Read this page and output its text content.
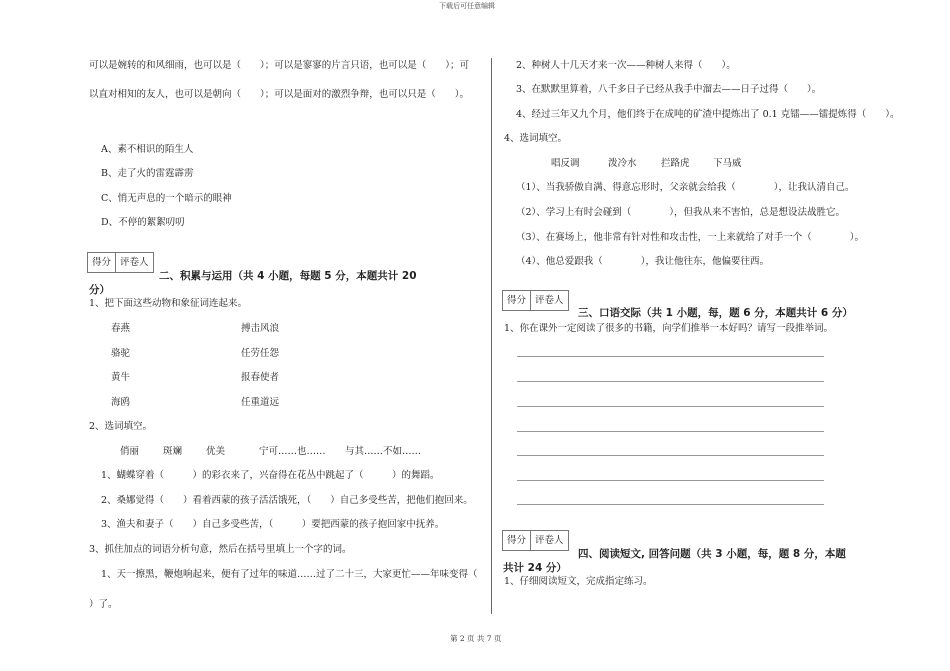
下载后可任意编辑
可以是婉转的和风细雨，也可以是（　　）；可以是寥寥的片言只语，也可以是（　　）；可
以直对相知的友人，也可以是朝向（　　）；可以是面对的激烈争辩，也可以只是（　　）。
A、素不相识的陌生人
B、走了火的雷霆霹雳
C、悄无声息的一个暗示的眼神
D、不停的絮絮叨叨
得分 评卷人
二、积累与运用（共 4 小题，每题 5 分，本题共计 20
分）
1、把下面这些动物和象征词连起来。
春燕
骆驼
黄牛
海鸥
搏击风浪
任劳任怨
报春使者
任重道远
2、选词填空。
俏丽	斑斓	优美	宁可……也…… 与其……不如……
1、蝴蝶穿着（　　　）的彩衣来了，兴奋得在花丛中跳起了（　　　）的舞蹈。
2、桑娜觉得（　　）看着西蒙的孩子活活饿死，（　　）自己多受些苦，把他们抱回来。
3、渔夫和妻子（　　）自己多受些苦，（　　　）要把西蒙的孩子抱回家中抚养。
3、抓住加点的词语分析句意，然后在括号里填上一个字的词。
1、天一擦黑，鞭炮响起来，便有了过年的味道……过了二十三，大家更忙——年味变得（
）了。
2、种树人十几天才来一次——种树人来得（　　）。
3、在默默里算着，八千多日子已经从我手中溜去——日子过得（　　）。
4、经过三年又九个月，他们终于在成吨的矿渣中提炼出了 0.1 克镭——镭提炼得（　　）。
4、选词填空。
唱反调	泼冷水	拦路虎 下马威
（1）、当我骄傲自满、得意忘形时，父亲就会给我（　　　　），让我认清自己。
（2）、学习上有时会碰到（　　　　），但我从来不害怕，总是想设法战胜它。
（3）、在赛场上，他非常有针对性和攻击性，一上来就给了对手一个（　　　　）。
（4）、他总爱跟我（　　　　），我让他往东，他偏要往西。
得分 评卷人
三、口语交际（共 1 小题，每，题 6 分，本题共计 6 分）
1、你在课外一定阅读了很多的书籍，向学们推举一本好吗？请写一段推举词。
得分 评卷人
四、阅读短文, 回答问题（共 3 小题，每，题 8 分，本题
共计 24 分）
1、仔细阅读短文，完成指定练习。
第 2 页 共 7 页
